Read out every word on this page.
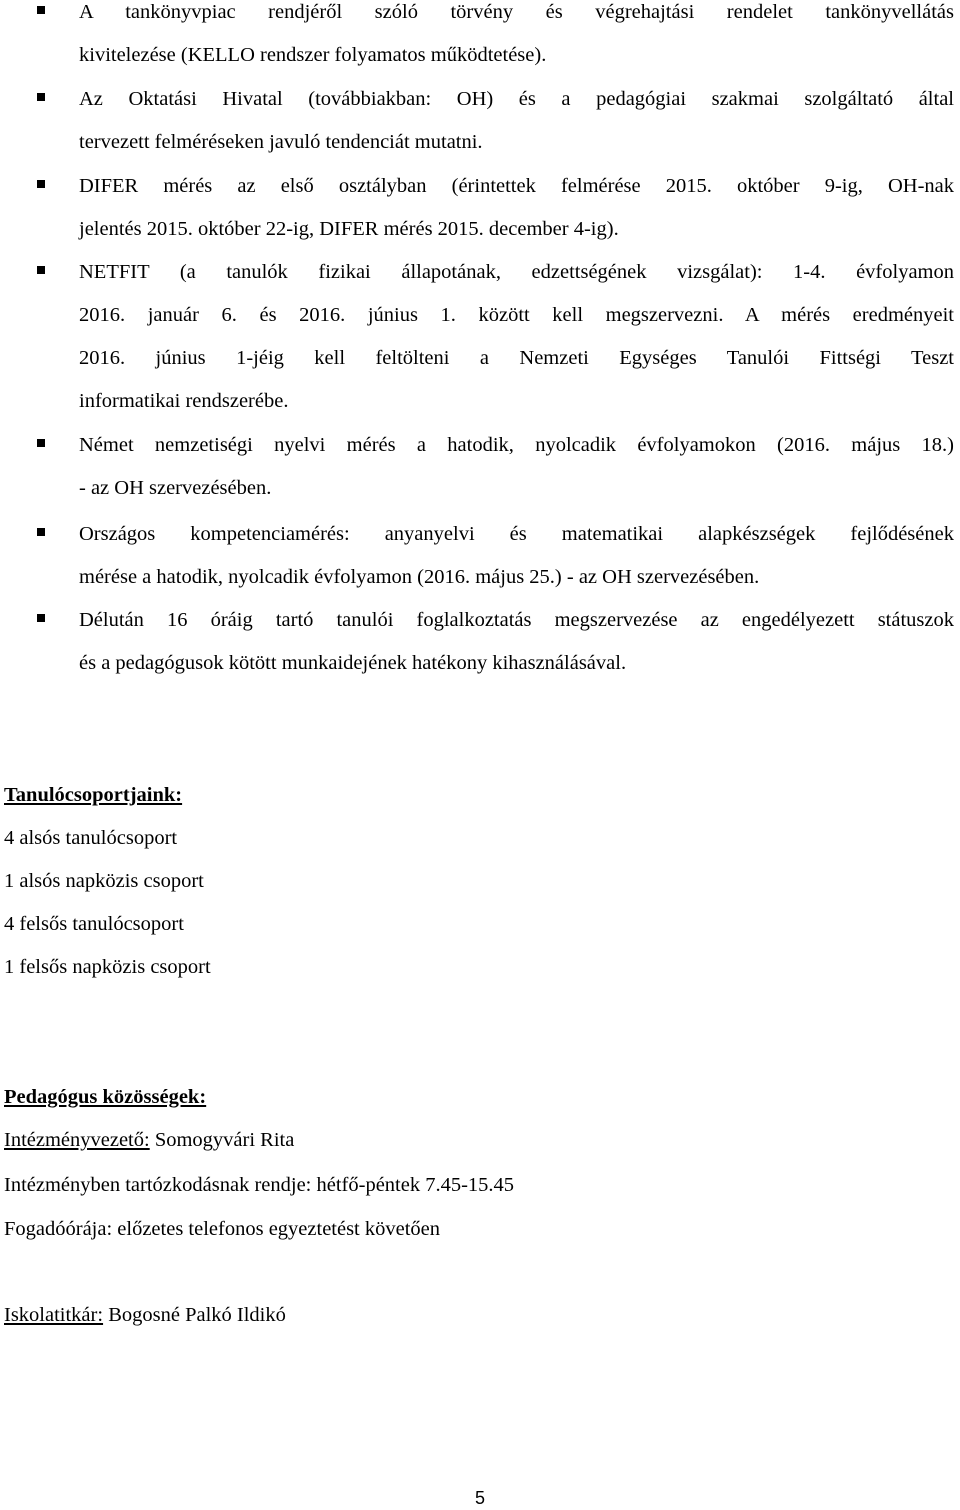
A tankönyvpiac rendjéről szóló törvény és végrehajtási rendelet tankönyvellátás
kivitelezése (KELLO rendszer folyamatos működtetése).
Az Oktatási Hivatal (továbbiakban: OH) és a pedagógiai szakmai szolgáltató által
tervezett felméréseken javuló tendenciát mutatni.
DIFER mérés az első osztályban (érintettek felmérése 2015. október 9-ig, OH-nak
jelentés 2015. október 22-ig, DIFER mérés 2015. december 4-ig).
NETFIT (a tanulók fizikai állapotának, edzettségének vizsgálat): 1-4. évfolyamon
2016. január 6. és 2016. június 1. között kell megszervezni. A mérés eredményeit
2016. június 1-jéig kell feltölteni a Nemzeti Egységes Tanulói Fittségi Teszt
informatikai rendszerébe.
Német nemzetiségi nyelvi mérés a hatodik, nyolcadik évfolyamokon (2016. május 18.)
- az OH szervezésében.
Országos kompetenciamérés: anyanyelvi és matematikai alapkészségek fejlődésének
mérése a hatodik, nyolcadik évfolyamon (2016. május 25.) - az OH szervezésében.
Délután 16 óráig tartó tanulói foglalkoztatás megszervezése az engedélyezett státuszok
és a pedagógusok kötött munkaidejének hatékony kihasználásával.
Tanulócsoportjaink:
4 alsós tanulócsoport
1 alsós napközis csoport
4 felsős tanulócsoport
1 felsős napközis csoport
Pedagógus közösségek:
Intézményvezető: Somogyvári Rita
Intézményben tartózkodásnak rendje: hétfő-péntek 7.45-15.45
Fogadóórája: előzetes telefonos egyeztetést követően
Iskolatitkár: Bogosné Palkó Ildikó
5
